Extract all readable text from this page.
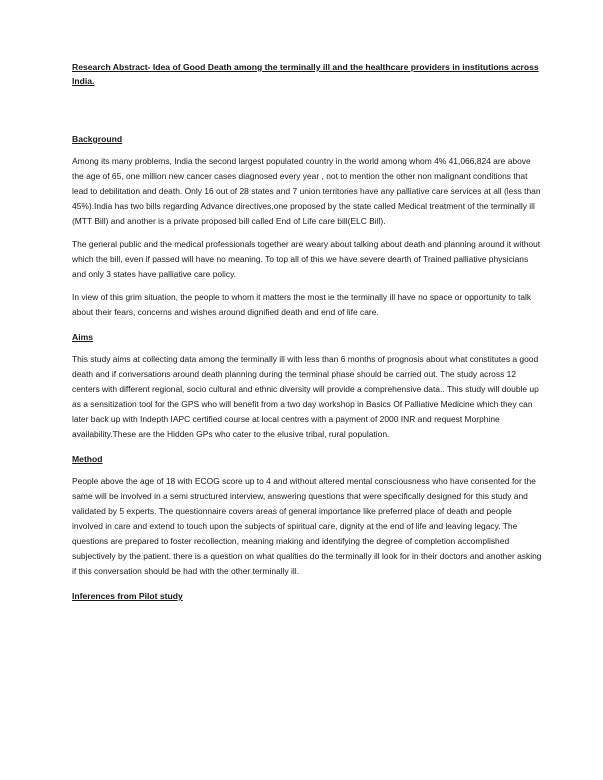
Research Abstract- Idea of Good Death among the terminally ill and the healthcare providers in institutions across India.

Background

Among its many problems, India the second largest populated country in the world among whom 4% 41,066,824 are above the age of 65, one million new cancer cases diagnosed every year , not to mention the other non malignant conditions that lead to debilitation and death. Only 16 out of 28 states and 7 union territories have any palliative care services at all (less than 45%).India has two bills regarding Advance directives,one proposed by the state called Medical treatment of the terminally ill (MTT Bill) and another is a private proposed bill called End of Life care bill(ELC Bill).

The general public and the medical professionals together are weary about talking about death and planning around it without which the bill, even if passed will have no meaning. To top all of this we have severe dearth of Trained palliative physicians and only 3 states have palliative care policy.

In view of this grim situation, the people to whom it matters the most ie the terminally ill have no space or opportunity to talk about their fears, concerns and wishes around dignified death and end of life care.

Aims

This study aims at collecting data among the terminally ill with less than 6 months of prognosis about what constitutes a good death and if conversations around death planning during the terminal phase should be carried out. The study across 12 centers with different regional, socio cultural and ethnic diversity will provide a comprehensive data.. This study will double up as a sensitization tool for the GPS who will benefit from a two day workshop in Basics Of Palliative Medicine which they can later back up with Indepth IAPC certified course at local centres with a payment of 2000 INR and request Morphine availability.These are the Hidden GPs who cater to the elusive tribal, rural population.

Method

People above the age of 18 with ECOG score up to 4 and without altered mental consciousness who have consented for the same will be involved in a semi structured interview, answering questions that were specifically designed for this study and validated by 5 experts. The questionnaire covers areas of general importance like preferred place of death and people involved in care and extend to touch upon the subjects of spiritual care, dignity at the end of life and leaving legacy. The questions are prepared to foster recollection, meaning making and identifying the degree of completion accomplished subjectively by the patient. there is a question on what qualities do the terminally ill look for in their doctors and another asking if this conversation should be had with the other terminally ill.

Inferences from Pilot study
